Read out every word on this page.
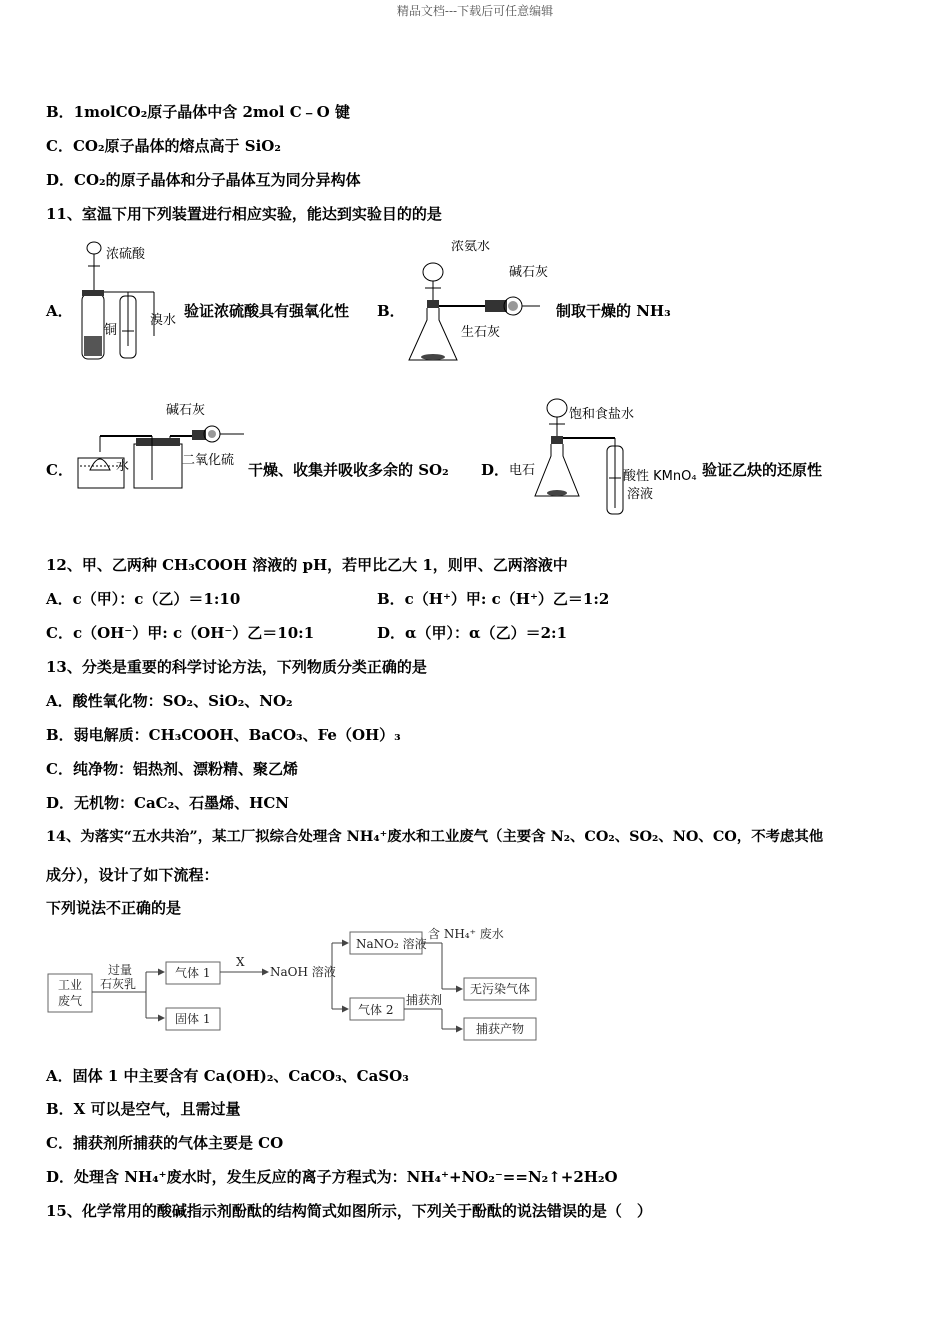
精品文档---下载后可任意编辑
B．1molCO₂原子晶体中含 2mol C﹣O 键
C．CO₂原子晶体的熔点高于 SiO₂
D．CO₂的原子晶体和分子晶体互为同分异构体
11、室温下用下列装置进行相应实验，能达到实验目的的是
A．
浓硫酸
铜
溴水
验证浓硫酸具有强氧化性 B．
浓氨水
碱石灰
生石灰
制取干燥的 NH₃
C．
碱石灰
水	二氧化硫
干燥、收集并吸收多余的 SO₂ D．
饱和食盐水
电石	酸性 KMnO₄
溶液
验证乙炔的还原性
12、甲、乙两种 CH₃COOH 溶液的 pH，若甲比乙大 1，则甲、乙两溶液中
A．c（甲）：c（乙）＝1:10	B．c（H⁺）甲: c（H⁺）乙＝1:2
C．c（OH⁻）甲: c（OH⁻）乙＝10:1	D．α（甲）：α（乙）＝2:1
13、分类是重要的科学讨论方法，下列物质分类正确的是
A．酸性氧化物：SO₂、SiO₂、NO₂
B．弱电解质：CH₃COOH、BaCO₃、Fe（OH）₃
C．纯净物：铝热剂、漂粉精、聚乙烯
D．无机物：CaC₂、石墨烯、HCN
14、为落实“五水共治”，某工厂拟综合处理含 NH₄⁺废水和工业废气（主要含 N₂、CO₂、SO₂、NO、CO，不考虑其他
成分），设计了如下流程：
下列说法不正确的是
工业废气
过量
石灰乳
气体 1
固体 1
X
NaOH 溶液
NaNO₂ 溶液
含 NH₄⁺ 废水
气体 2
捕获剂
无污染气体
捕获产物
A．固体 1 中主要含有 Ca(OH)₂、CaCO₃、CaSO₃
B．X 可以是空气，且需过量
C．捕获剂所捕获的气体主要是 CO
D．处理含 NH₄⁺废水时，发生反应的离子方程式为：NH₄⁺+NO₂⁻==N₂↑+2H₂O
15、化学常用的酸碱指示剂酚酞的结构简式如图所示，下列关于酚酞的说法错误的是（　）
